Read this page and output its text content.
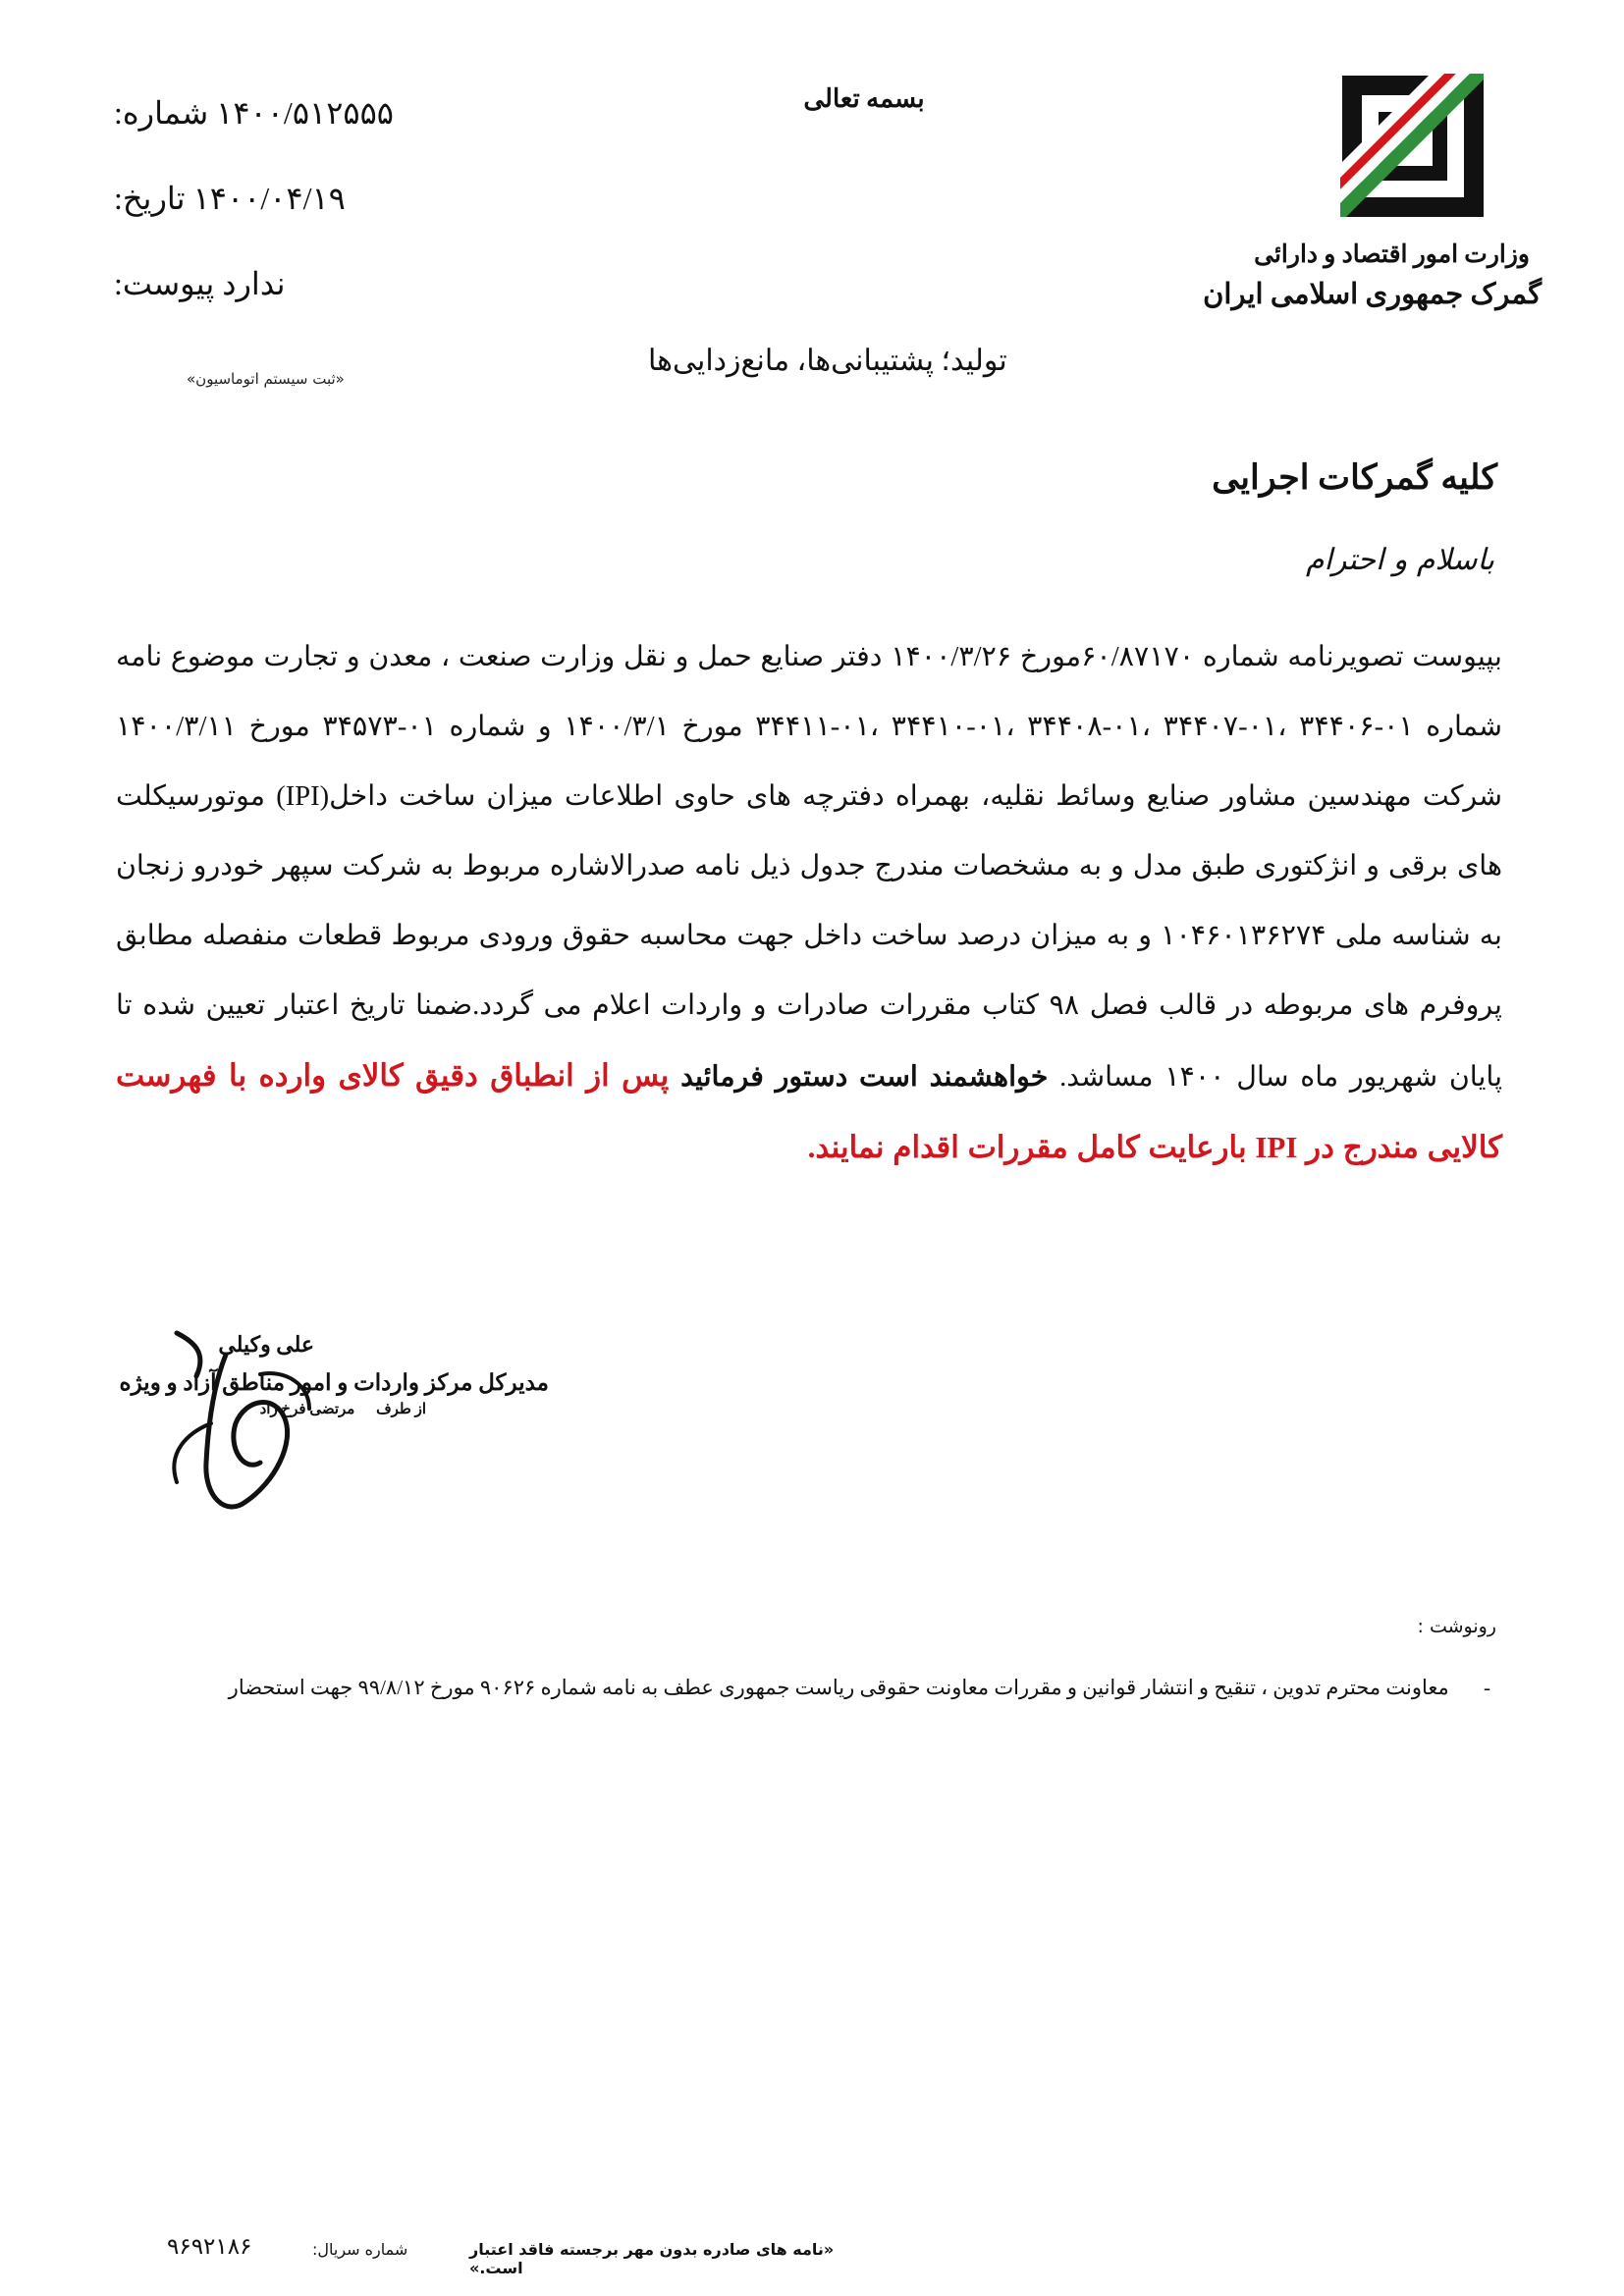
وزارت امور اقتصاد و دارائی
گمرک جمهوری اسلامی ایران
بسمه تعالی
شماره: ۱۴۰۰/۵۱۲۵۵۵
تاریخ: ۱۴۰۰/۰۴/۱۹
پیوست: ندارد
«ثبت سیستم اتوماسیون»
تولید؛ پشتیبانی‌ها، مانع‌زدایی‌ها
کلیه گمرکات اجرایی
باسلام و احترام
بپیوست تصویرنامه شماره ۶۰/۸۷۱۷۰مورخ ۱۴۰۰/۳/۲۶ دفتر صنایع حمل و نقل وزارت صنعت ، معدن و تجارت موضوع نامه شماره ۰۱-۳۴۴۰۶ ،۰۱-۳۴۴۰۷ ،۰۱-۳۴۴۰۸ ،۰۱-۳۴۴۱۰ ،۰۱-۳۴۴۱۱ مورخ ۱۴۰۰/۳/۱ و شماره ۰۱-۳۴۵۷۳ مورخ ۱۴۰۰/۳/۱۱ شرکت مهندسین مشاور صنایع وسائط نقلیه، بهمراه دفترچه های حاوی اطلاعات میزان ساخت داخل(IPI) موتورسیکلت های برقی و انژکتوری طبق مدل و به مشخصات مندرج جدول ذیل نامه صدرالاشاره مربوط به شرکت سپهر خودرو زنجان به شناسه ملی ۱۰۴۶۰۱۳۶۲۷۴ و به میزان درصد ساخت داخل جهت محاسبه حقوق ورودی مربوط قطعات منفصله مطابق پروفرم های مربوطه در قالب فصل ۹۸ کتاب مقررات صادرات و واردات اعلام می گردد.ضمنا تاریخ اعتبار تعیین شده تا پایان شهریور ماه سال ۱۴۰۰ مساشد. خواهشمند است دستور فرمائید پس از انطباق دقیق کالای وارده با فهرست کالایی مندرج در IPI بارعایت کامل مقررات اقدام نمایند.
علی وکیلی
مدیرکل مرکز واردات و امور مناطق آزاد و ویژه
از طرف مرتضی فرخ زاد
رونوشت :
- معاونت محترم تدوین ، تنقیح و انتشار قوانین و مقررات معاونت حقوقی ریاست جمهوری عطف به نامه شماره ۹۰۶۲۶ مورخ ۹۹/۸/۱۲ جهت استحضار
«نامه های صادره بدون مهر برجسته فاقد اعتبار است.»
شماره سریال:
۹۶۹۲۱۸۶
